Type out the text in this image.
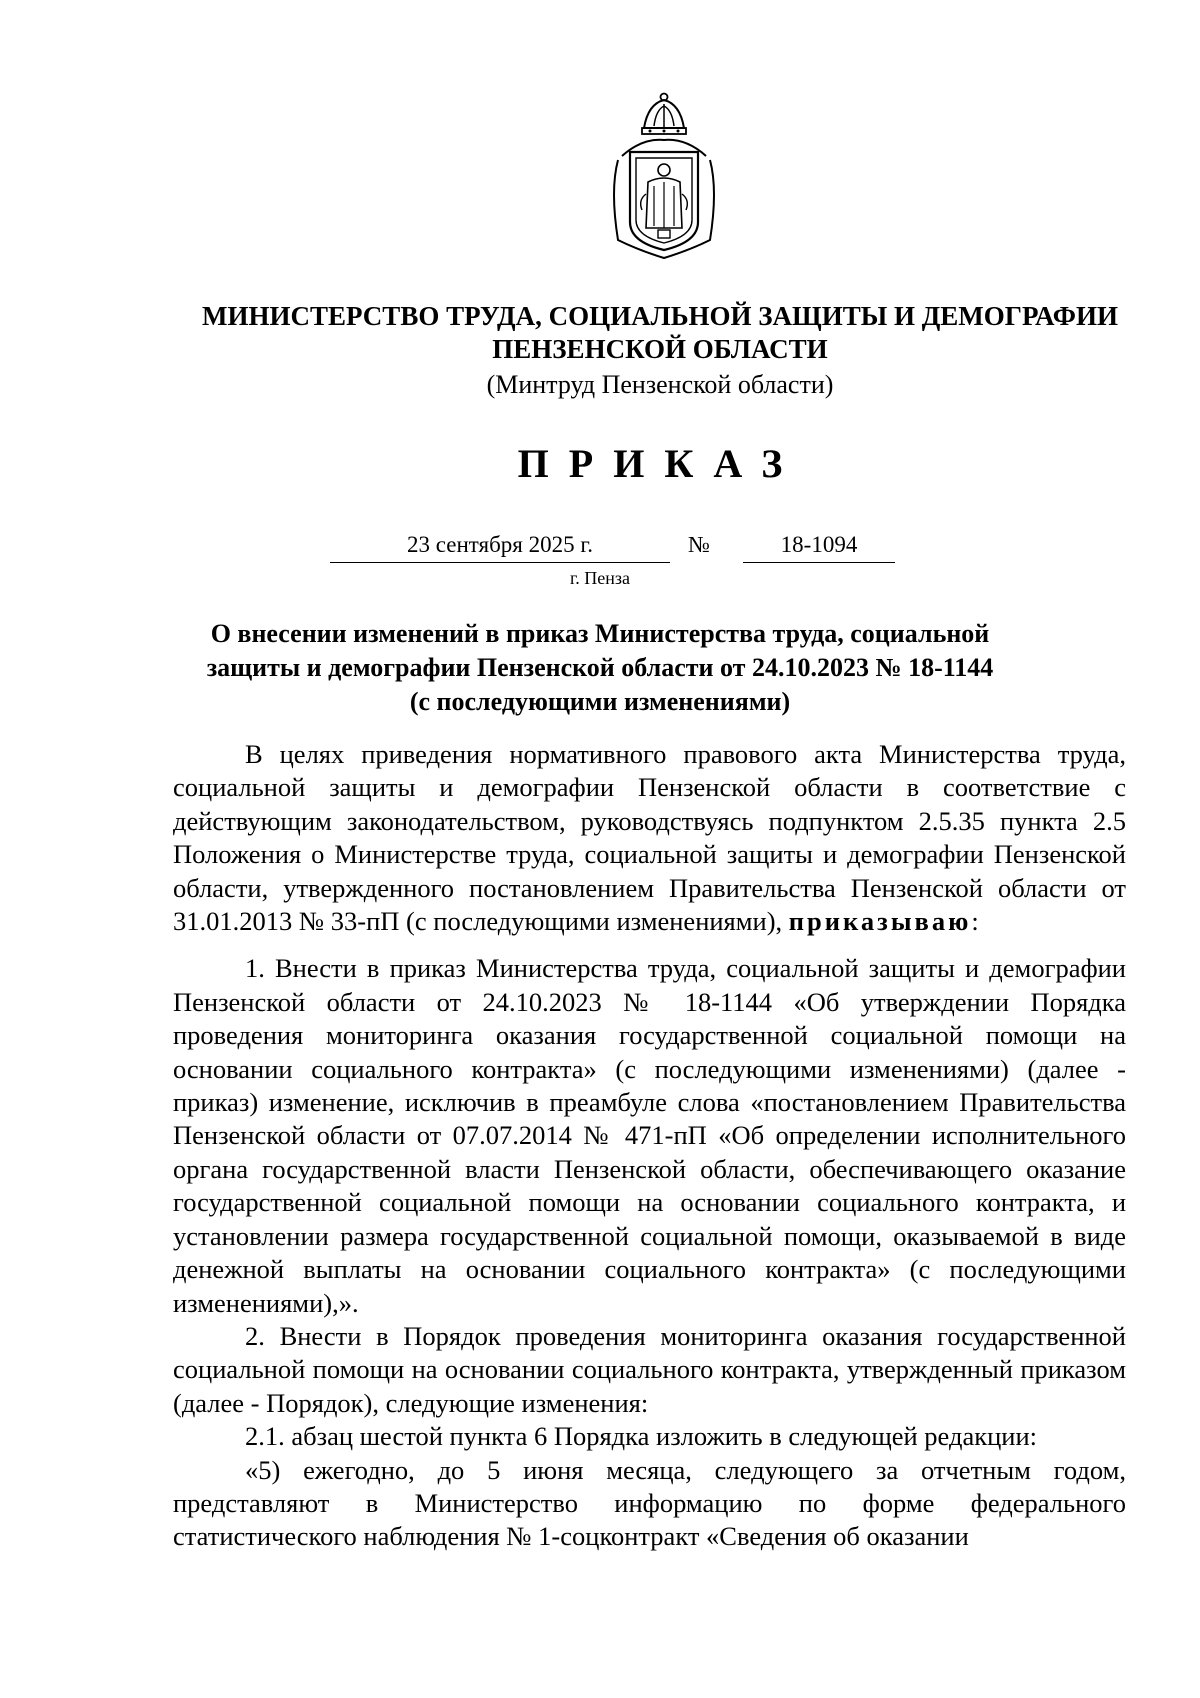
МИНИСТЕРСТВО ТРУДА, СОЦИАЛЬНОЙ ЗАЩИТЫ И ДЕМОГРАФИИ
ПЕНЗЕНСКОЙ ОБЛАСТИ
(Минтруд Пензенской области)
ПРИКАЗ
23 сентября 2025 г.	№	18-1094
г. Пенза
О внесении изменений в приказ Министерства труда, социальной
защиты и демографии Пензенской области от 24.10.2023 № 18-1144
(с последующими изменениями)

В целях приведения нормативного правового акта Министерства труда, социальной защиты и демографии Пензенской области в соответствие с действующим законодательством, руководствуясь подпунктом 2.5.35 пункта 2.5 Положения о Министерстве труда, социальной защиты и демографии Пензенской области, утвержденного постановлением Правительства Пензенской области от 31.01.2013 № 33-пП (с последующими изменениями), приказываю:

1. Внести в приказ Министерства труда, социальной защиты и демографии Пензенской области от 24.10.2023 № 18-1144 «Об утверждении Порядка проведения мониторинга оказания государственной социальной помощи на основании социального контракта» (с последующими изменениями) (далее - приказ) изменение, исключив в преамбуле слова «постановлением Правительства Пензенской области от 07.07.2014 № 471-пП «Об определении исполнительного органа государственной власти Пензенской области, обеспечивающего оказание государственной социальной помощи на основании социального контракта, и установлении размера государственной социальной помощи, оказываемой в виде денежной выплаты на основании социального контракта» (с последующими изменениями),».

2. Внести в Порядок проведения мониторинга оказания государственной социальной помощи на основании социального контракта, утвержденный приказом (далее - Порядок), следующие изменения:

2.1. абзац шестой пункта 6 Порядка изложить в следующей редакции:

«5) ежегодно, до 5 июня месяца, следующего за отчетным годом, представляют в Министерство информацию по форме федерального статистического наблюдения № 1-соцконтракт «Сведения об оказании
